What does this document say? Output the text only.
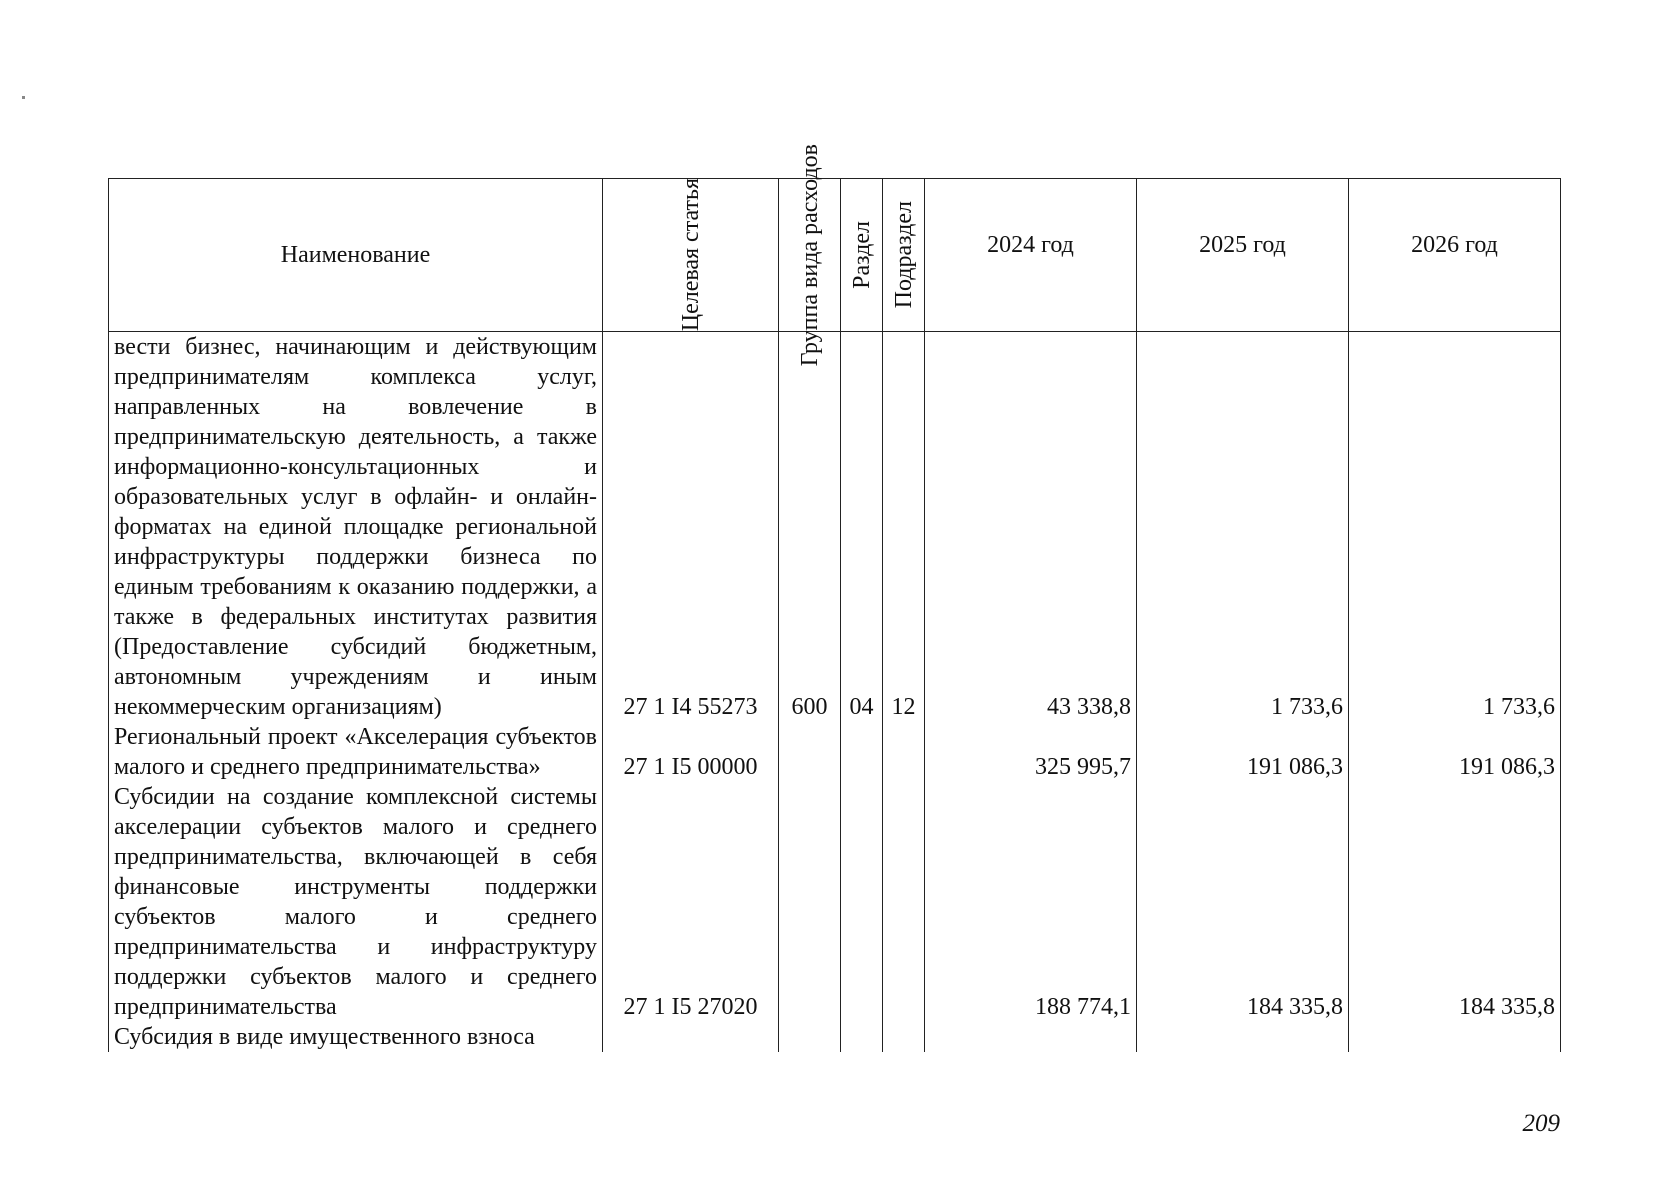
Наименование	Целевая статья	Группа вида расходов	Раздел	Подраздел	2024 год	2025 год	2026 год
вести бизнес, начинающим и действующим предпринимателям комплекса услуг, направленных на вовлечение в предпринимательскую деятельность, а также информационно-консультационных и образовательных услуг в офлайн- и онлайн-форматах на единой площадке региональной инфраструктуры поддержки бизнеса по единым требованиям к оказанию поддержки, а также в федеральных институтах развития (Предоставление субсидий бюджетным, автономным учреждениям и иным некоммерческим организациям)	27 1 I4 55273	600	04	12	43 338,8	1 733,6	1 733,6
Региональный проект «Акселерация субъектов малого и среднего предпринимательства»	27 1 I5 00000				325 995,7	191 086,3	191 086,3
Субсидии на создание комплексной системы акселерации субъектов малого и среднего предпринимательства, включающей в себя финансовые инструменты поддержки субъектов малого и среднего предпринимательства и инфраструктуру поддержки субъектов малого и среднего предпринимательства	27 1 I5 27020				188 774,1	184 335,8	184 335,8
Субсидия в виде имущественного взноса							
209
